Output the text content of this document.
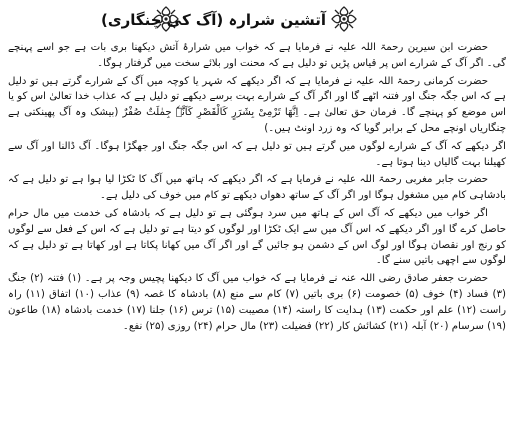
آتشین شرارہ (آگ کی چنگاری)

حضرت ابن سیرین رحمۃ اللہ علیہ نے فرمایا ہے کہ خواب میں شرارۂ آتش دیکھنا بری بات ہے جو اسے پہنچے گی۔ اگر آگ کے شرارے اس پر قیاس پڑیں تو دلیل ہے کہ محنت اور بلائے سخت میں گرفتار ہوگا۔

حضرت کرمانی رحمۃ اللہ علیہ نے فرمایا ہے کہ اگر دیکھے کہ شہر یا کوچہ میں آگ کے شرارے گرتے ہیں تو دلیل ہے کہ اس جگہ جنگ اور فتنہ اٹھے گا اور اگر آگ کے شرارے بہت برسے دیکھے تو دلیل ہے کہ عذاب خدا تعالیٰ اس کو یا اس موضع کو پہنچے گا۔ فرمان حق تعالیٰ ہے۔ اِنَّھَا تَرْمِیْ بِشَرَرٍ کَالْقَصْرِ کَاَنَّہٗ جِمٰلَتٌ صُفْرٌ (بیشک وہ آگ پھینکتی ہے چنگاریاں اونچے محل کے برابر گویا کہ وہ زرد اونٹ ہیں۔)

اگر دیکھے کہ آگ کے شرارے لوگوں میں گرتے ہیں تو دلیل ہے کہ اس جگہ جنگ اور جھگڑا ہوگا۔ آگ ڈالنا اور آگ سے کھیلنا بہت گالیاں دینا ہوتا ہے۔

حضرت جابر مغربی رحمۃ اللہ علیہ نے فرمایا ہے کہ اگر دیکھے کہ ہاتھ میں آگ کا ٹکڑا لیا ہوا ہے تو دلیل ہے کہ بادشاہی کام میں مشغول ہوگا اور اگر آگ کے ساتھ دھواں دیکھے تو کام میں خوف کی دلیل ہے۔

اگر خواب میں دیکھے کہ آگ اس کے ہاتھ میں سرد ہوگئی ہے تو دلیل ہے کہ بادشاہ کی خدمت میں مال حرام حاصل کرے گا اور اگر دیکھے کہ اس آگ میں سے ایک ٹکڑا اور لوگوں کو دیتا ہے تو دلیل ہے کہ اس کے فعل سے لوگوں کو رنج اور نقصان ہوگا اور لوگ اس کے دشمن ہو جائیں گے اور اگر آگ میں کھانا پکاتا ہے اور کھاتا ہے تو دلیل ہے کہ لوگوں سے اچھی باتیں سنے گا۔

حضرت جعفر صادق رضی اللہ عنہ نے فرمایا ہے کہ خواب میں آگ کا دیکھنا پچیس وجہ پر ہے۔ (۱) فتنہ (۲) جنگ (۳) فساد (۴) خوف (۵) خصومت (۶) بری باتیں (۷) کام سے منع (۸) بادشاہ کا غصہ (۹) عذاب (۱۰) اتفاق (۱۱) راہ راست (۱۲) علم اور حکمت (۱۳) ہدایت کا راستہ (۱۴) مصیبت (۱۵) ترس (۱۶) جلنا (۱۷) خدمت بادشاہ (۱۸) طاعون (۱۹) سرسام (۲۰) آبلہ (۲۱) کشائش کار (۲۲) فضیلت (۲۳) مال حرام (۲۴) روزی (۲۵) نفع۔
